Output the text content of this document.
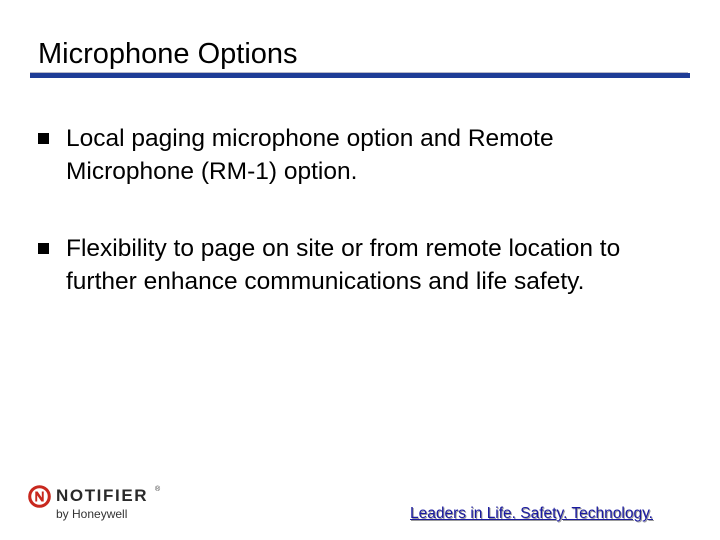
Microphone Options
Local paging microphone option and Remote Microphone (RM-1) option.
Flexibility to page on site or from remote location to further enhance communications and life safety.
NOTIFIER ®
by Honeywell	Leaders in Life. Safety. Technology.
